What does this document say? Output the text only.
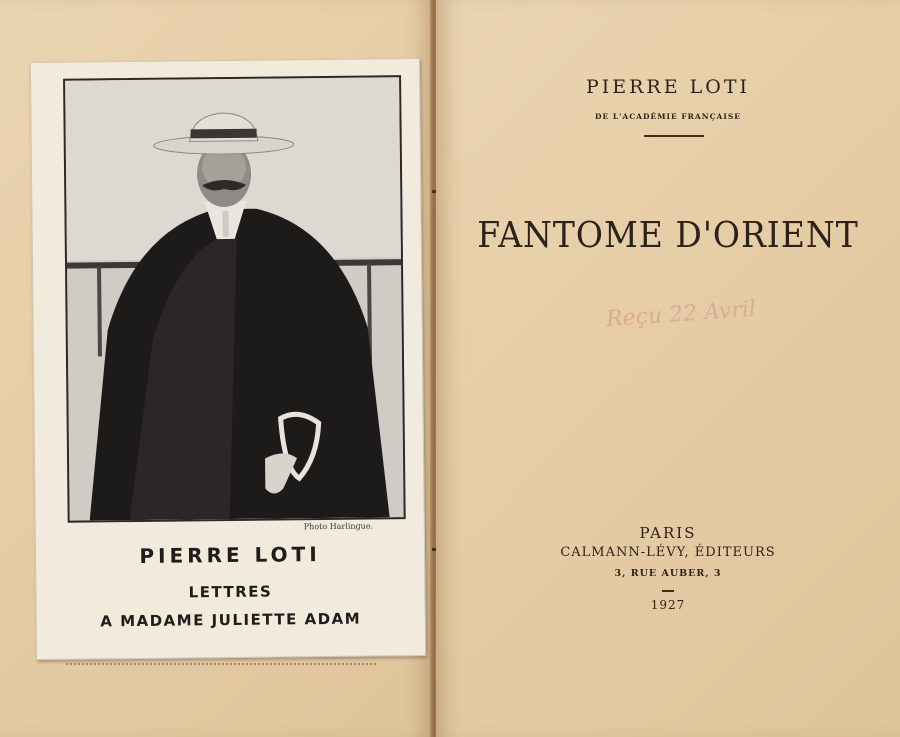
Photo Harlingue.
PIERRE LOTI
LETTRES
A MADAME JULIETTE ADAM
PIERRE LOTI
DE L'ACADÉMIE FRANÇAISE
FANTOME D'ORIENT
PARIS
CALMANN-LÉVY, ÉDITEURS
3, RUE AUBER, 3
1927
Reçu 22 Avril
